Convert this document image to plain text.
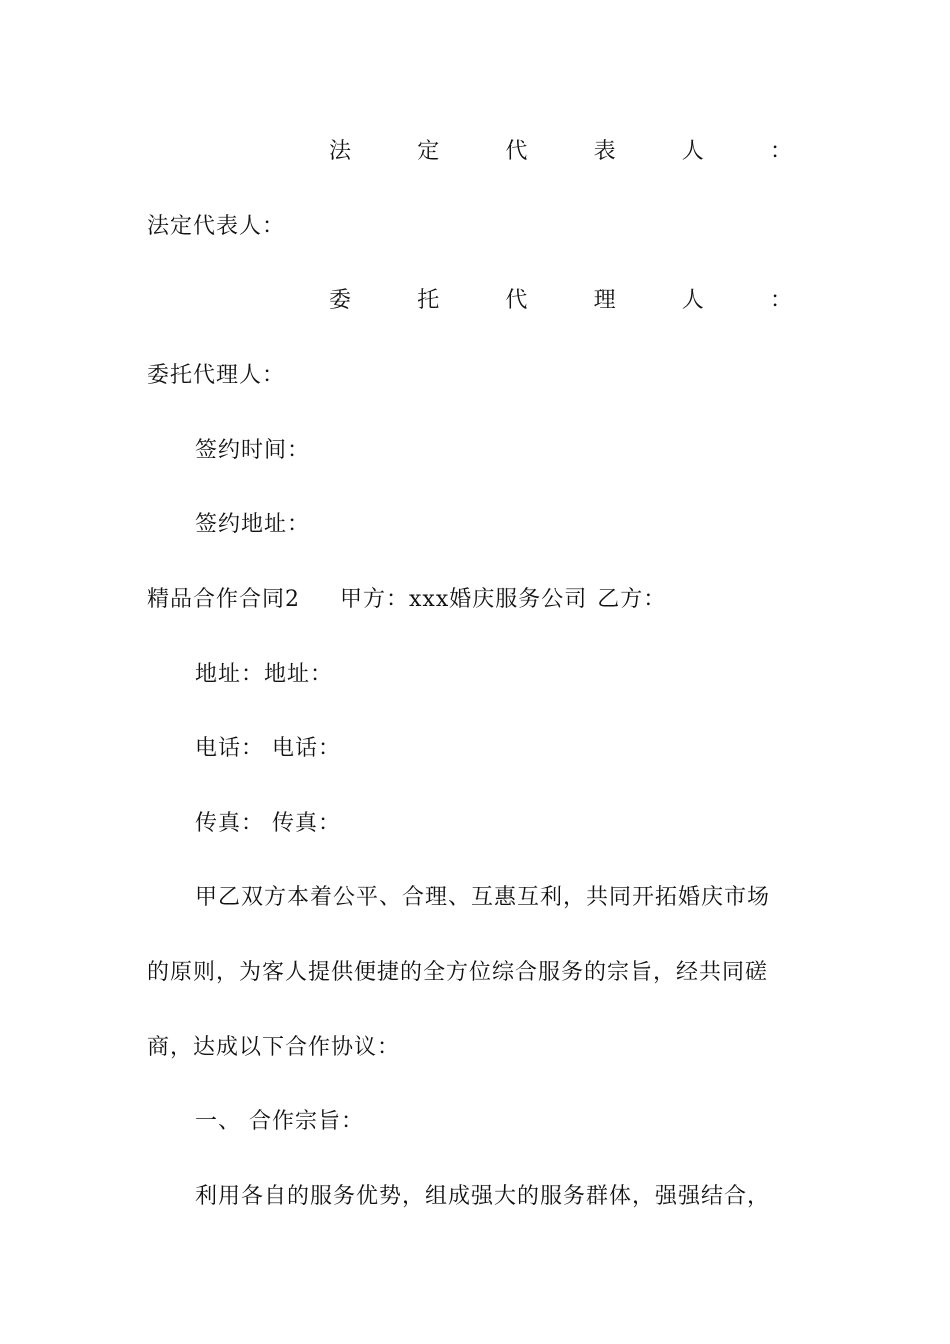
法	定	代	表	人	：
法定代表人：
委	托	代	理	人	：
委托代理人：
签约时间：
签约地址：
精品合作合同2 甲方：xxx婚庆服务公司 乙方：
地址：地址：
电话： 电话：
传真： 传真：
甲乙双方本着公平、合理、互惠互利，共同开拓婚庆市场
的原则，为客人提供便捷的全方位综合服务的宗旨，经共同磋
商，达成以下合作协议：
一、 合作宗旨：
利用各自的服务优势，组成强大的服务群体，强强结合，
